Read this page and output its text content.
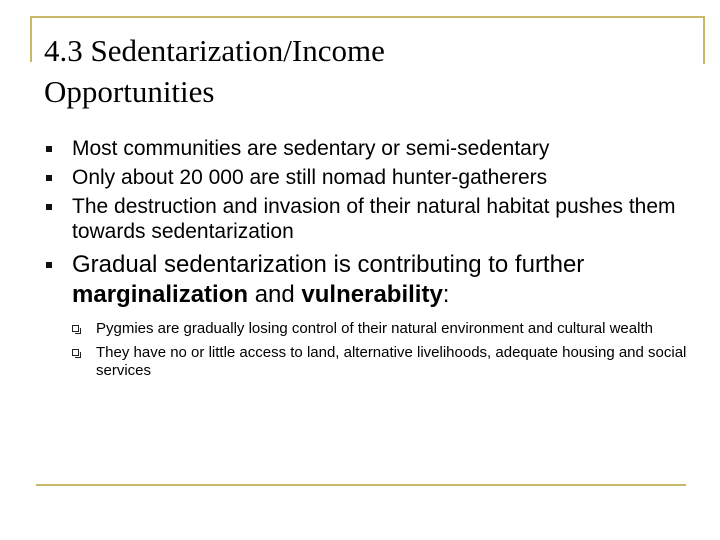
4.3 Sedentarization/Income
Opportunities
Most communities are sedentary or semi-sedentary
Only about 20 000 are still nomad hunter-gatherers
The destruction and invasion of their natural habitat pushes them towards sedentarization
Gradual sedentarization is contributing to further marginalization and vulnerability:
Pygmies are gradually losing control of their natural environment and cultural wealth
They have no or little access to land, alternative livelihoods, adequate housing and social services
